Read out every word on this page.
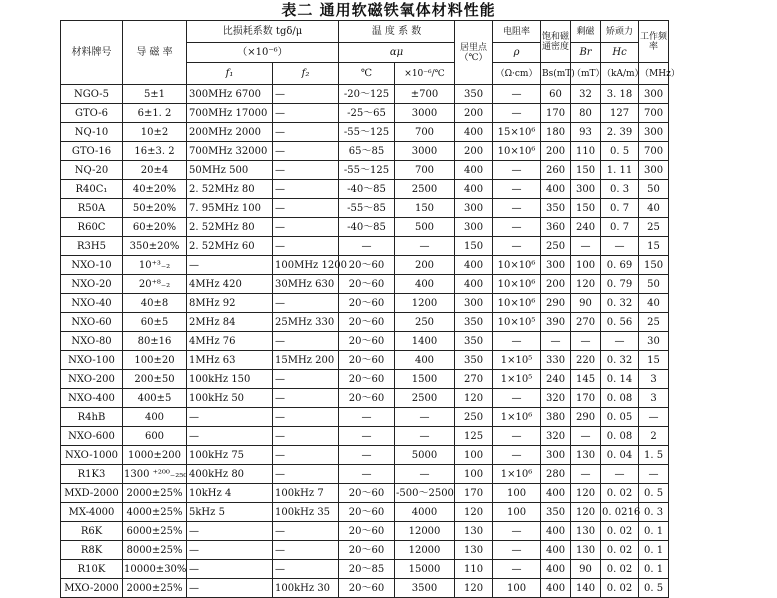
表二 通用软磁铁氧体材料性能
材料牌号	导 磁 率	比损耗系数 tgδ/μ		温 度 系 数		居里点（℃）	电阻率	饱和磁通密度	剩磁	矫顽力	工作频率
		（×10⁻⁶）		αμ			ρ		Br	Hc	
		f₁	f₂	℃	×10⁻⁶/℃		（Ω·cm）	Bs(mT)	（mT）	（kA/m）	（MHz）
NGO-5	5±1	300MHz 6700	—	-20～125	±700	350	—	60	32	3. 18	300
GTO-6	6±1. 2	700MHz 17000	—	-25～65	3000	200	—	170	80	127	700
NQ-10	10±2	200MHz 2000	—	-55～125	700	400	15×10⁶	180	93	2. 39	300
GTO-16	16±3. 2	700MHz 32000	—	65～85	3000	200	10×10⁶	200	110	0. 5	700
NQ-20	20±4	50MHz 500	—	-55～125	700	400	—	260	150	1. 11	300
R40C₁	40±20%	2. 52MHz 80	—	-40～85	2500	400	—	400	300	0. 3	50
R50A	50±20%	7. 95MHz 100	—	-55～85	150	300	—	350	150	0. 7	40
R60C	60±20%	2. 52MHz 80	—	-40～85	500	300	—	360	240	0. 7	25
R3H5	350±20%	2. 52MHz 60	—	—	—	150	—	250	—	—	15
NXO-10	10⁺³₋₂	—	100MHz 1200	20～60	200	400	10×10⁶	300	100	0. 69	150
NXO-20	20⁺⁸₋₂	4MHz 420	30MHz 630	20～60	400	400	10×10⁶	200	120	0. 79	50
NXO-40	40±8	8MHz 92	—	20～60	1200	300	10×10⁶	290	90	0. 32	40
NXO-60	60±5	2MHz 84	25MHz 330	20～60	250	350	10×10⁵	390	270	0. 56	25
NXO-80	80±16	4MHz 76	—	20～60	1400	350	—	—	—	—	30
NXO-100	100±20	1MHz 63	15MHz 200	20～60	400	350	1×10⁵	330	220	0. 32	15
NXO-200	200±50	100kHz 150	—	20～60	1500	270	1×10⁵	240	145	0. 14	3
NXO-400	400±5	100kHz 50	—	20～60	2500	120	—	320	170	0. 08	3
R4hB	400	—	—	—	—	250	1×10⁶	380	290	0. 05	—
NXO-600	600	—	—	—	—	125	—	320	—	0. 08	2
NXO-1000	1000±200	100kHz 75	—	—	5000	100	—	300	130	0. 04	1. 5
R1K3	1300 ⁺²⁰⁰₋₂₅₀	400kHz 80	—	—	—	100	1×10⁶	280	—	—	—
MXD-2000	2000±25%	10kHz 4	100kHz 7	20～60	-500～2500	170	100	400	120	0. 02	0. 5
MX-4000	4000±25%	5kHz 5	100kHz 35	20～60	4000	120	100	350	120	0. 0216	0. 3
R6K	6000±25%	—	—	20～60	12000	130	—	400	130	0. 02	0. 1
R8K	8000±25%	—	—	20～60	12000	130	—	400	130	0. 02	0. 1
R10K	10000±30%	—	—	20～85	15000	110	—	400	90	0. 02	0. 1
MXO-2000	2000±25%	—	100kHz 30	20～60	3500	120	100	400	140	0. 02	0. 5
